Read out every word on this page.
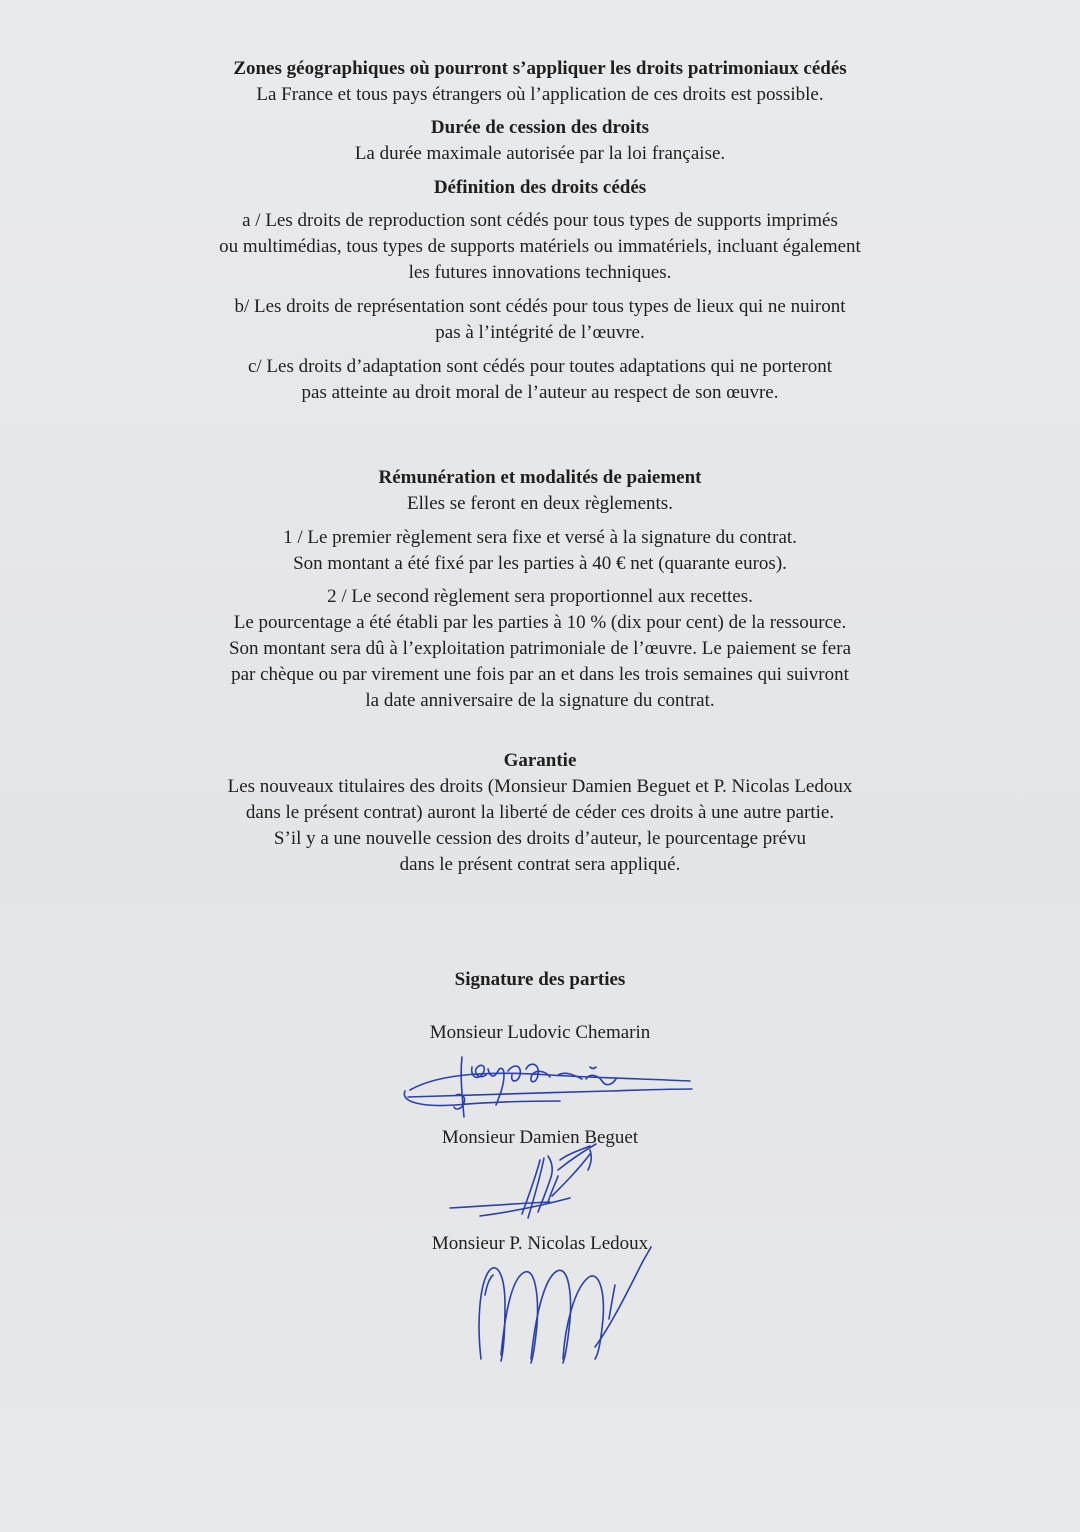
Zones géographiques où pourront s’appliquer les droits patrimoniaux cédés
La France et tous pays étrangers où l’application de ces droits est possible.
Durée de cession des droits
La durée maximale autorisée par la loi française.
Définition des droits cédés
a / Les droits de reproduction sont cédés pour tous types de supports imprimés
ou multimédias, tous types de supports matériels ou immatériels, incluant également
les futures innovations techniques.
b/ Les droits de représentation sont cédés pour tous types de lieux qui ne nuiront
pas à l’intégrité de l’œuvre.
c/ Les droits d’adaptation sont cédés pour toutes adaptations qui ne porteront
pas atteinte au droit moral de l’auteur au respect de son œuvre.
Rémunération et modalités de paiement
Elles se feront en deux règlements.
1 / Le premier règlement sera fixe et versé à la signature du contrat.
Son montant a été fixé par les parties à 40 € net (quarante euros).
2 / Le second règlement sera proportionnel aux recettes.
Le pourcentage a été établi par les parties à 10 % (dix pour cent) de la ressource.
Son montant sera dû à l’exploitation patrimoniale de l’œuvre. Le paiement se fera
par chèque ou par virement une fois par an et dans les trois semaines qui suivront
la date anniversaire de la signature du contrat.
Garantie
Les nouveaux titulaires des droits (Monsieur Damien Beguet et P. Nicolas Ledoux
dans le présent contrat) auront la liberté de céder ces droits à une autre partie.
S’il y a une nouvelle cession des droits d’auteur, le pourcentage prévu
dans le présent contrat sera appliqué.
Signature des parties
Monsieur Ludovic Chemarin
Monsieur Damien Beguet
Monsieur P. Nicolas Ledoux
